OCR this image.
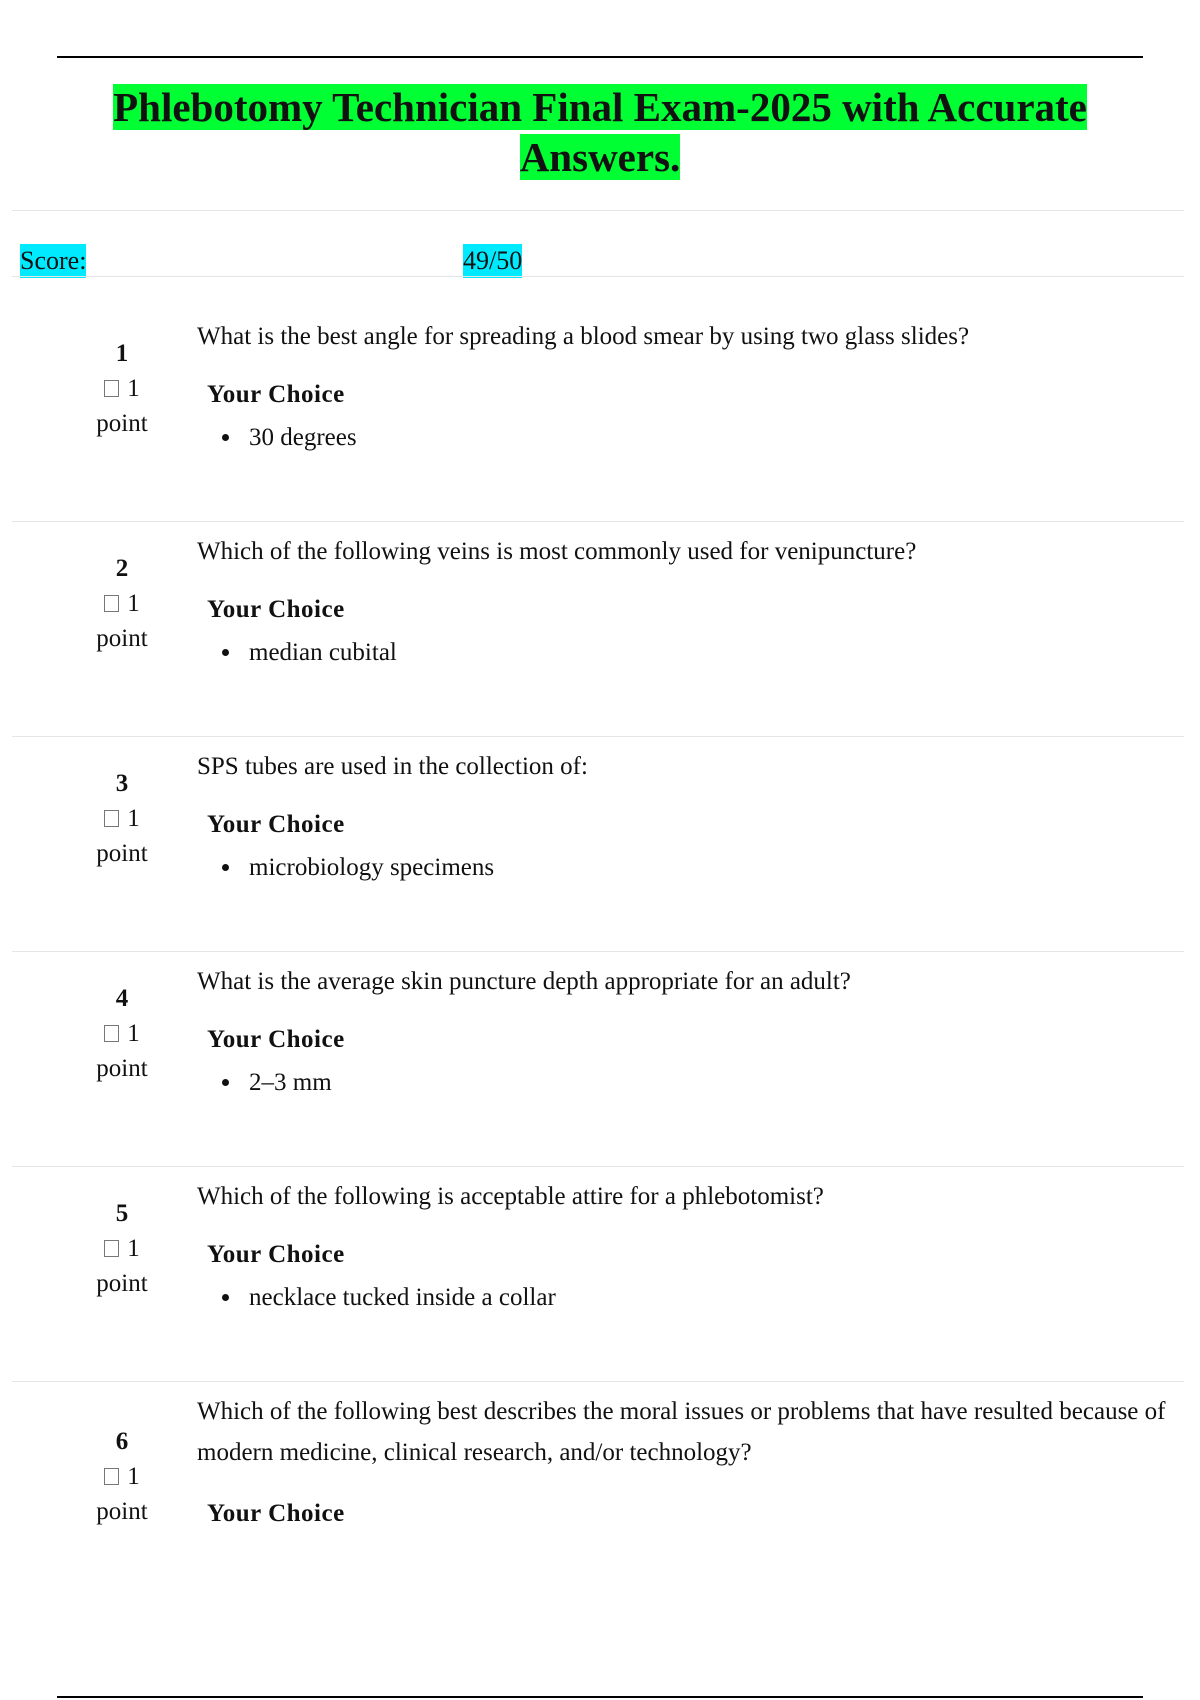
Phlebotomy Technician Final Exam-2025 with Accurate Answers.
Score:	49/50
1
1
point
What is the best angle for spreading a blood smear by using two glass slides?
Your Choice
30 degrees
2
1
point
Which of the following veins is most commonly used for venipuncture?
Your Choice
median cubital
3
1
point
SPS tubes are used in the collection of:
Your Choice
microbiology specimens
4
1
point
What is the average skin puncture depth appropriate for an adult?
Your Choice
2–3 mm
5
1
point
Which of the following is acceptable attire for a phlebotomist?
Your Choice
necklace tucked inside a collar
6
1
point
Which of the following best describes the moral issues or problems that have resulted because of modern medicine, clinical research, and/or technology?
Your Choice
